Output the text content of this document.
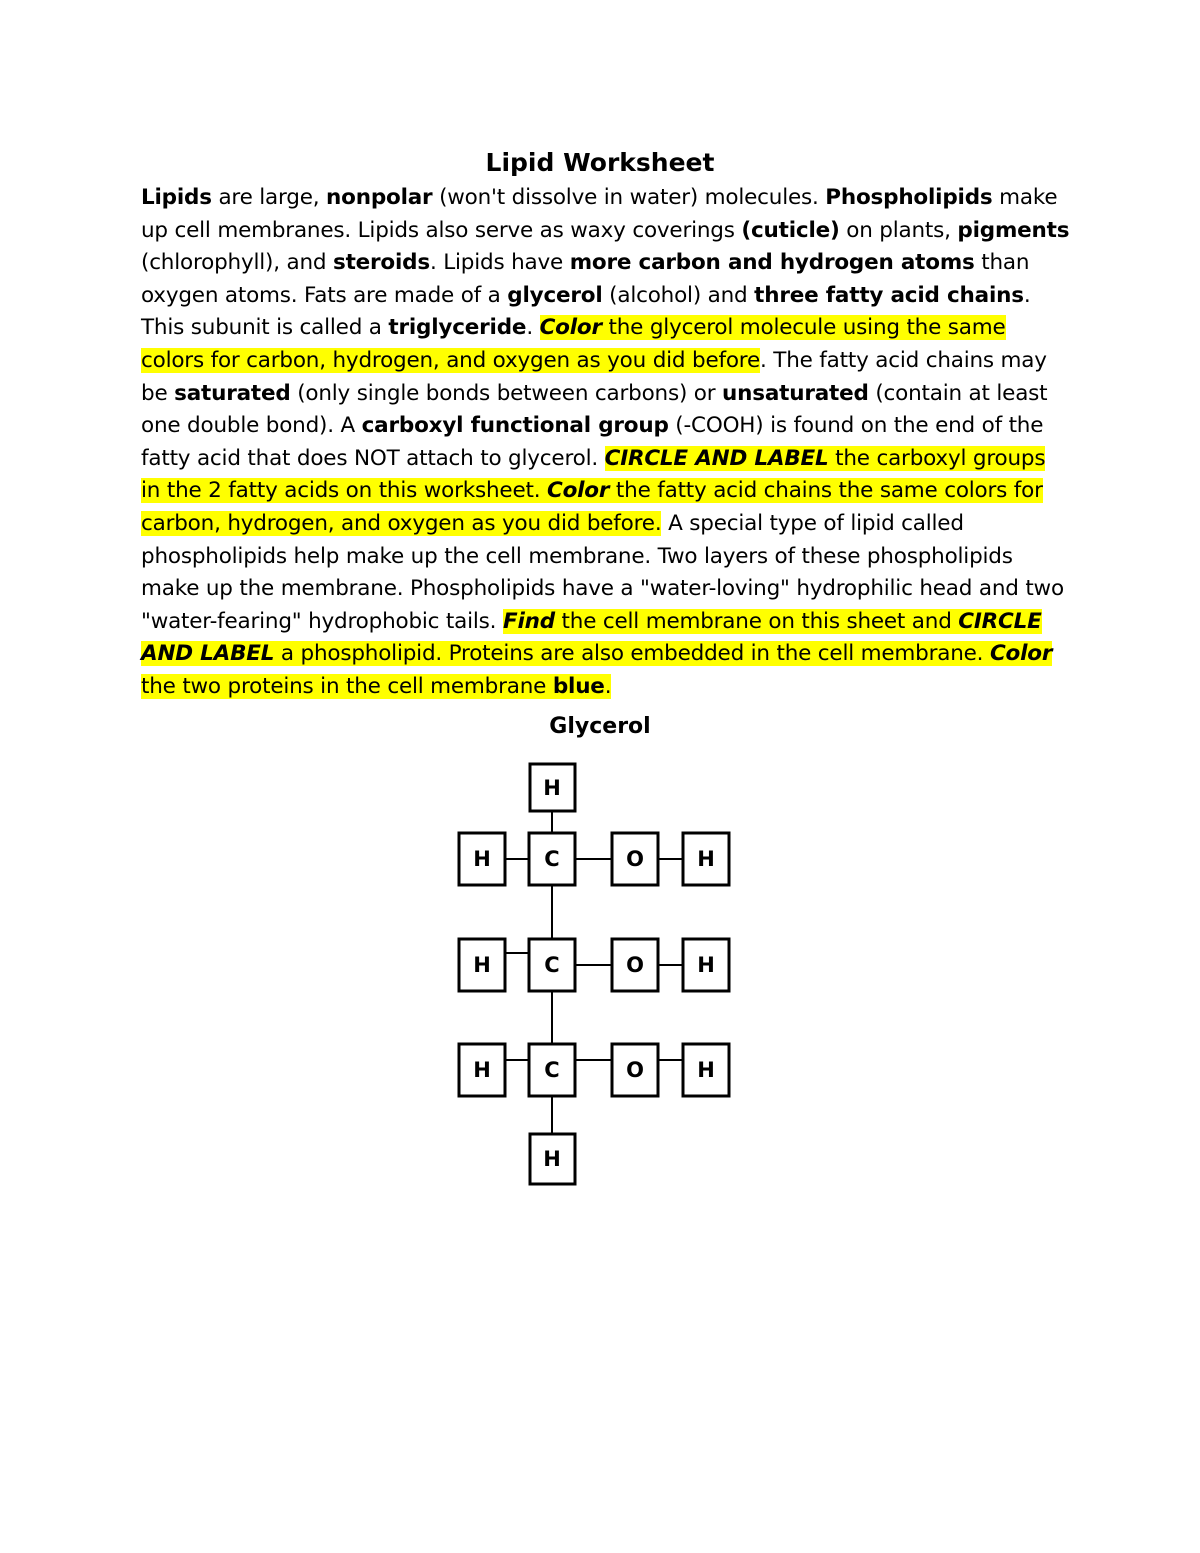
Lipid Worksheet
Lipids are large, nonpolar (won't dissolve in water) molecules. Phospholipids make up cell membranes. Lipids also serve as waxy coverings (cuticle) on plants, pigments (chlorophyll), and steroids. Lipids have more carbon and hydrogen atoms than oxygen atoms. Fats are made of a glycerol (alcohol) and three fatty acid chains. This subunit is called a triglyceride. Color the glycerol molecule using the same colors for carbon, hydrogen, and oxygen as you did before. The fatty acid chains may be saturated (only single bonds between carbons) or unsaturated (contain at least one double bond). A carboxyl functional group (-COOH) is found on the end of the fatty acid that does NOT attach to glycerol. CIRCLE AND LABEL the carboxyl groups in the 2 fatty acids on this worksheet. Color the fatty acid chains the same colors for carbon, hydrogen, and oxygen as you did before. A special type of lipid called phospholipids help make up the cell membrane. Two layers of these phospholipids make up the membrane. Phospholipids have a "water-loving" hydrophilic head and two "water-fearing" hydrophobic tails. Find the cell membrane on this sheet and CIRCLE AND LABEL a phospholipid. Proteins are also embedded in the cell membrane. Color the two proteins in the cell membrane blue.
Glycerol
H
H	C	O	H
H	C	O	H
H	C	O	H
H
